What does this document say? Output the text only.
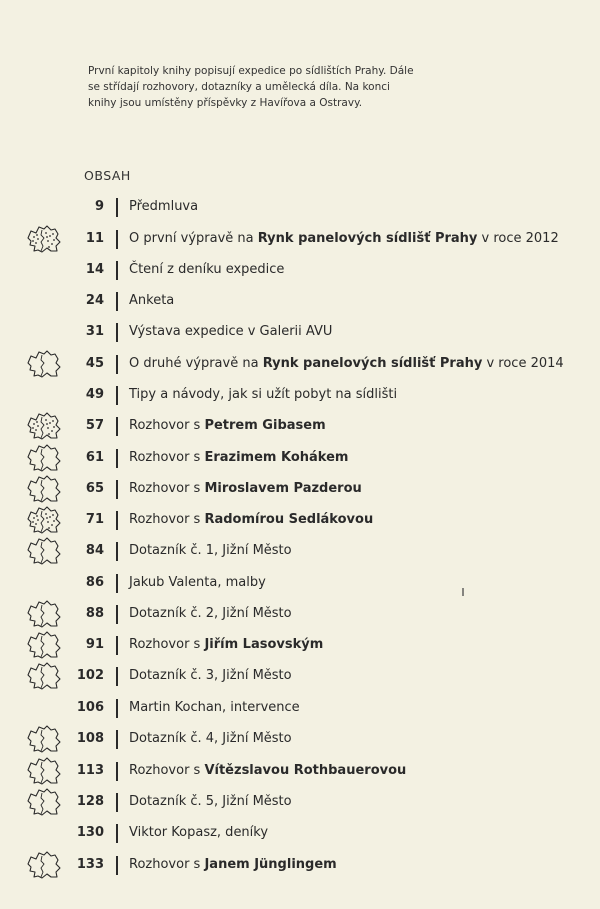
První kapitoly knihy popisují expedice po sídlištích Prahy. Dále se střídají rozhovory, dotazníky a umělecká díla. Na konci knihy jsou umístěny příspěvky z Havířova a Ostravy.
OBSAH
9 Předmluva
11 O první výpravě na Rynk panelových sídlišť Prahy v roce 2012
14 Čtení z deníku expedice
24 Anketa
31 Výstava expedice v Galerii AVU
45 O druhé výpravě na Rynk panelových sídlišť Prahy v roce 2014
49 Tipy a návody, jak si užít pobyt na sídlišti
57 Rozhovor s Petrem Gibasem
61 Rozhovor s Erazimem Kohákem
65 Rozhovor s Miroslavem Pazderou
71 Rozhovor s Radomírou Sedlákovou
84 Dotazník č. 1, Jižní Město
86 Jakub Valenta, malby
88 Dotazník č. 2, Jižní Město
91 Rozhovor s Jiřím Lasovským
102 Dotazník č. 3, Jižní Město
106 Martin Kochan, intervence
108 Dotazník č. 4, Jižní Město
113 Rozhovor s Vítězslavou Rothbauerovou
128 Dotazník č. 5, Jižní Město
130 Viktor Kopasz, deníky
133 Rozhovor s Janem Jünglingem
